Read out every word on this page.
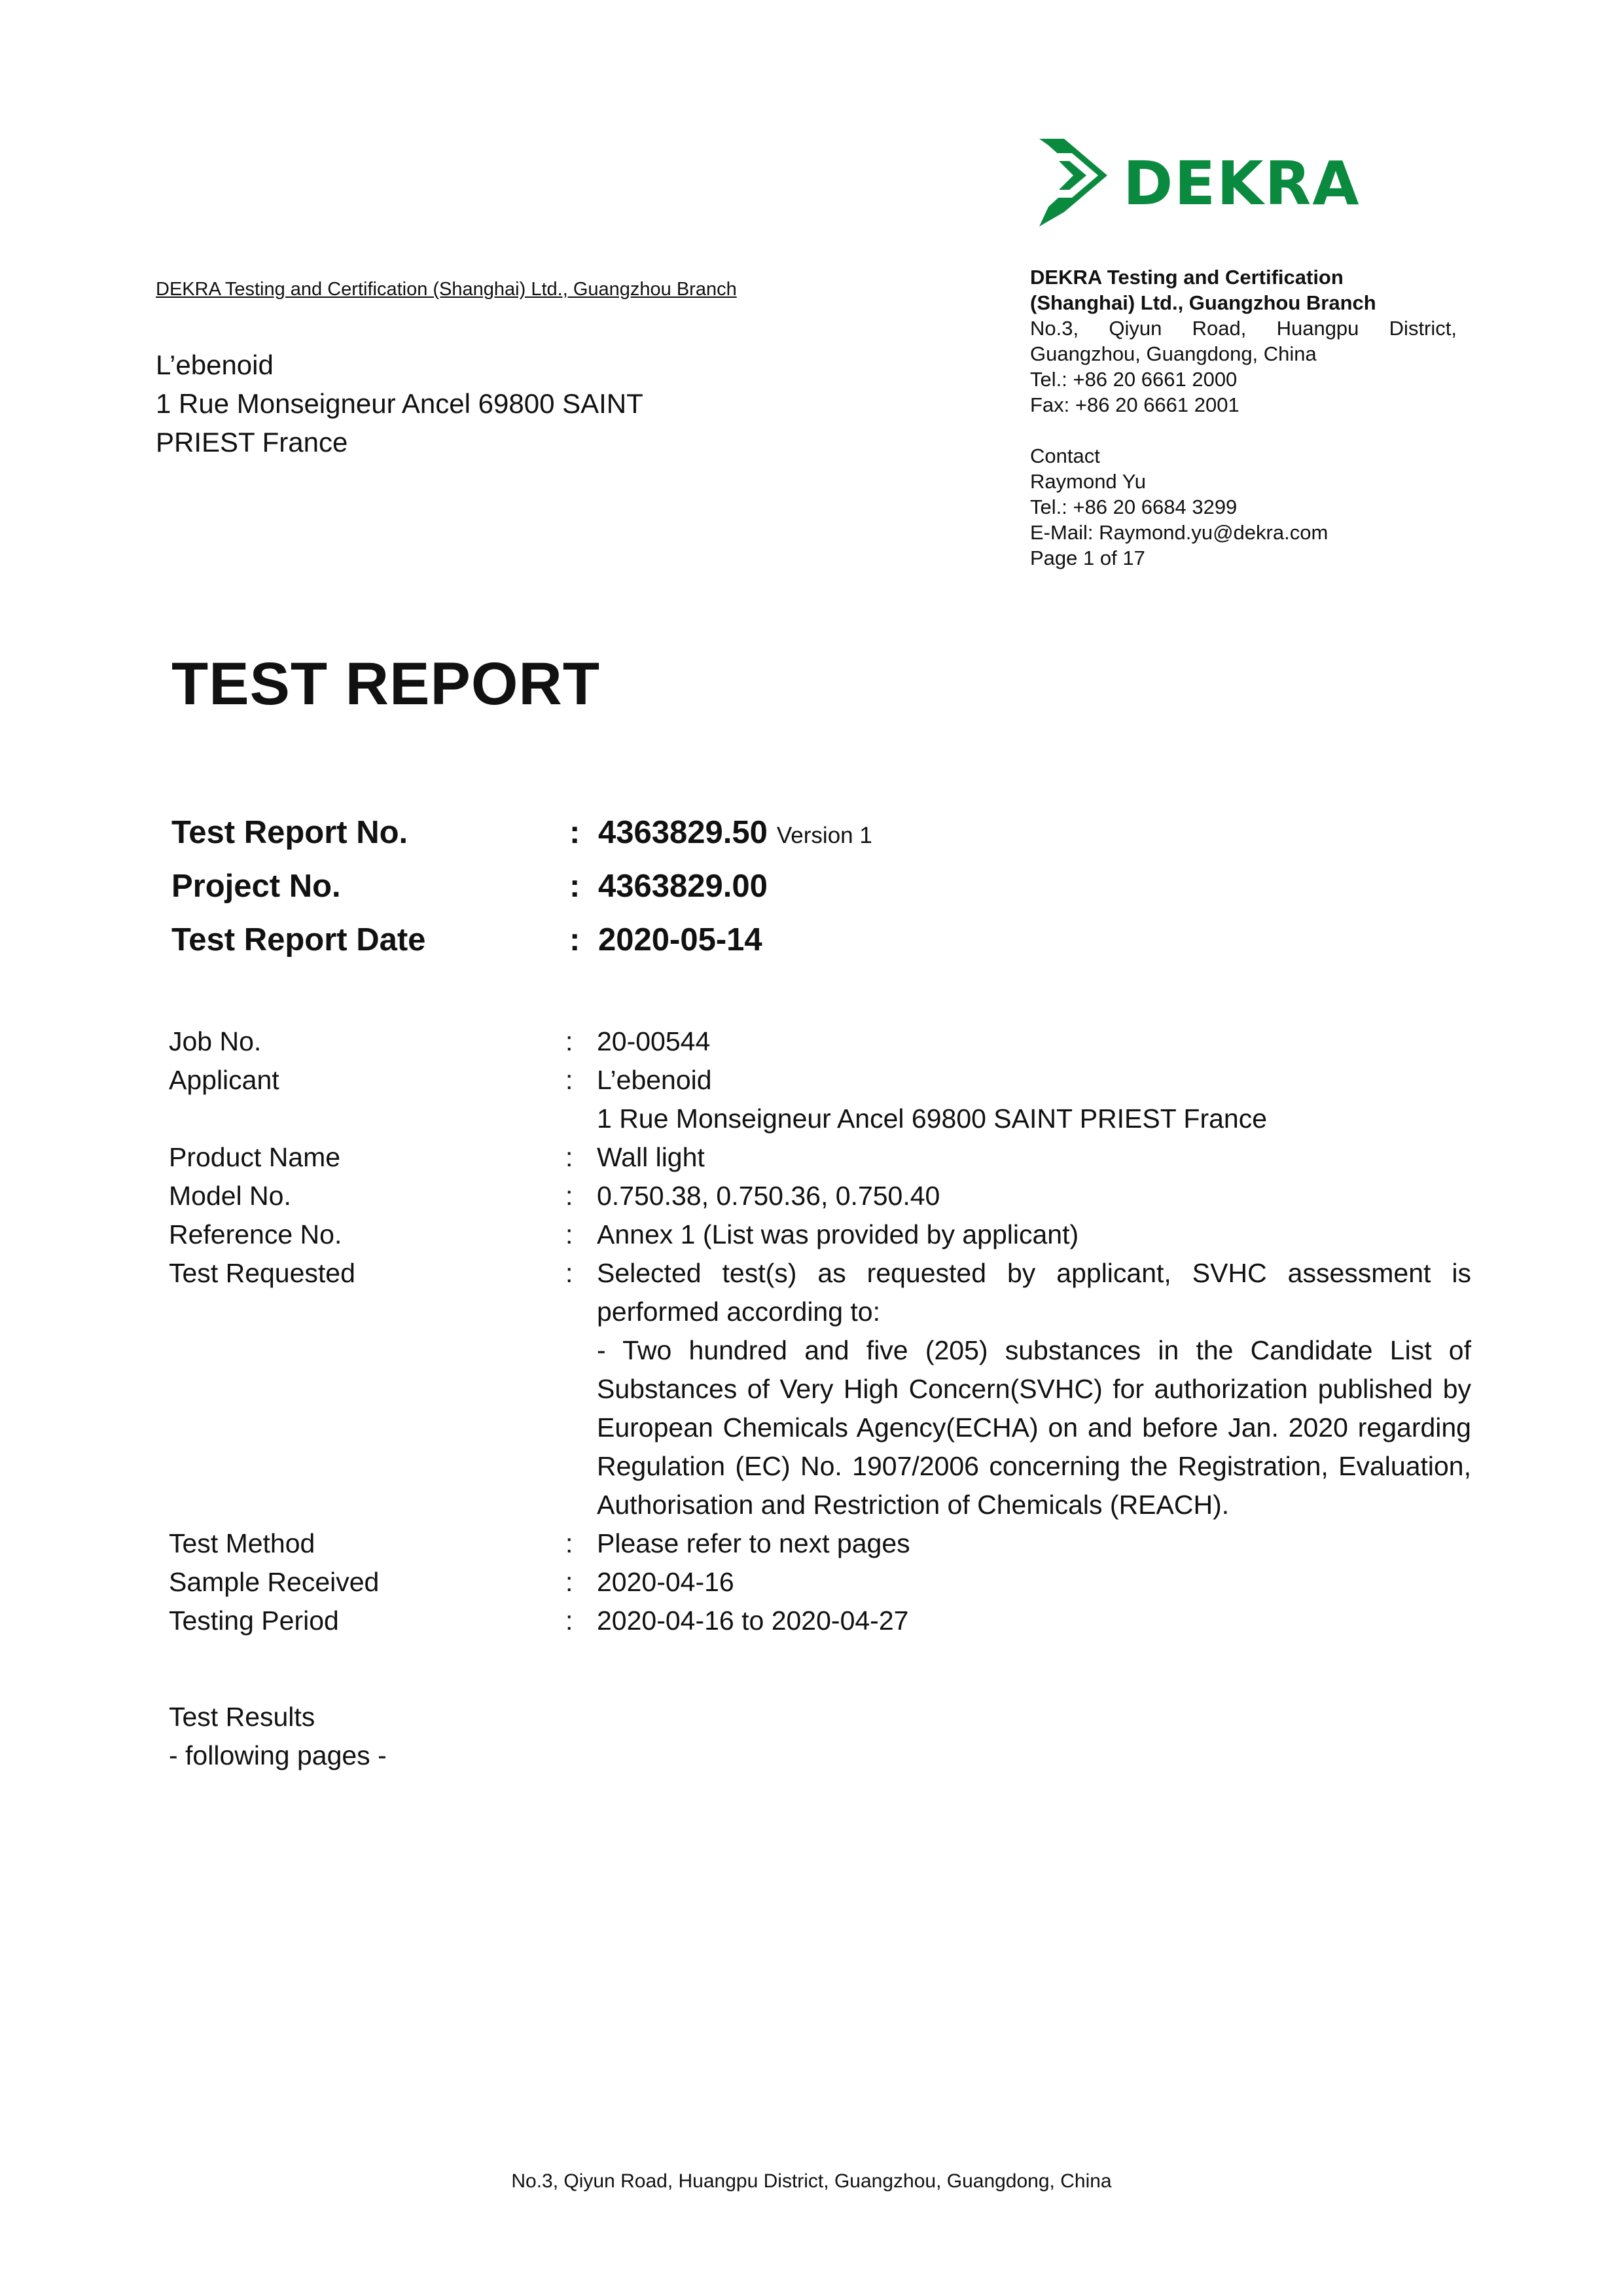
DEKRA
DEKRA Testing and Certification (Shanghai) Ltd., Guangzhou Branch
L’ebenoid
1 Rue Monseigneur Ancel 69800 SAINT
PRIEST France
DEKRA Testing and Certification
(Shanghai) Ltd., Guangzhou Branch
No.3, Qiyun Road, Huangpu District,
Guangzhou, Guangdong, China
Tel.: +86 20 6661 2000
Fax: +86 20 6661 2001
Contact
Raymond Yu
Tel.: +86 20 6684 3299
E-Mail: Raymond.yu@dekra.com
Page 1 of 17
TEST REPORT
Test Report No.	: 4363829.50 Version 1
Project No.	: 4363829.00
Test Report Date	: 2020-05-14
Job No.	: 20-00544
Applicant	: L’ebenoid
1 Rue Monseigneur Ancel 69800 SAINT PRIEST France
Product Name	: Wall light
Model No.	: 0.750.38, 0.750.36, 0.750.40
Reference No.	: Annex 1 (List was provided by applicant)
Test Requested	: Selected test(s) as requested by applicant, SVHC assessment is performed according to:
- Two hundred and five (205) substances in the Candidate List of Substances of Very High Concern(SVHC) for authorization published by European Chemicals Agency(ECHA) on and before Jan. 2020 regarding Regulation (EC) No. 1907/2006 concerning the Registration, Evaluation, Authorisation and Restriction of Chemicals (REACH).
Test Method	: Please refer to next pages
Sample Received	: 2020-04-16
Testing Period	: 2020-04-16 to 2020-04-27
Test Results
- following pages -
No.3, Qiyun Road, Huangpu District, Guangzhou, Guangdong, China
